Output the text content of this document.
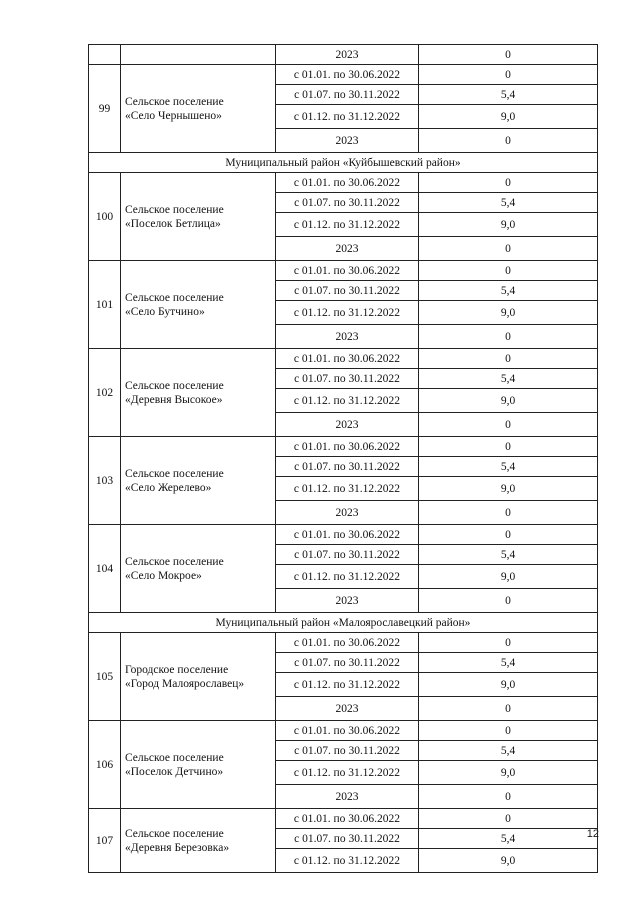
		2023	0
99	Сельское поселение
«Село Чернышено»	с 01.01. по 30.06.2022	0
		с 01.07. по 30.11.2022	5,4
		с 01.12. по 31.12.2022	9,0
		2023	0
Муниципальный район «Куйбышевский район»			
100	Сельское поселение
«Поселок Бетлица»	с 01.01. по 30.06.2022	0
		с 01.07. по 30.11.2022	5,4
		с 01.12. по 31.12.2022	9,0
		2023	0
101	Сельское поселение
«Село Бутчино»	с 01.01. по 30.06.2022	0
		с 01.07. по 30.11.2022	5,4
		с 01.12. по 31.12.2022	9,0
		2023	0
102	Сельское поселение
«Деревня Высокое»	с 01.01. по 30.06.2022	0
		с 01.07. по 30.11.2022	5,4
		с 01.12. по 31.12.2022	9,0
		2023	0
103	Сельское поселение
«Село Жерелево»	с 01.01. по 30.06.2022	0
		с 01.07. по 30.11.2022	5,4
		с 01.12. по 31.12.2022	9,0
		2023	0
104	Сельское поселение
«Село Мокрое»	с 01.01. по 30.06.2022	0
		с 01.07. по 30.11.2022	5,4
		с 01.12. по 31.12.2022	9,0
		2023	0
Муниципальный район «Малоярославецкий район»			
105	Городское поселение
«Город Малоярославец»	с 01.01. по 30.06.2022	0
		с 01.07. по 30.11.2022	5,4
		с 01.12. по 31.12.2022	9,0
		2023	0
106	Сельское поселение
«Поселок Детчино»	с 01.01. по 30.06.2022	0
		с 01.07. по 30.11.2022	5,4
		с 01.12. по 31.12.2022	9,0
		2023	0
107	Сельское поселение
«Деревня Березовка»	с 01.01. по 30.06.2022	0
		с 01.07. по 30.11.2022	5,4
		с 01.12. по 31.12.2022	9,0
12
